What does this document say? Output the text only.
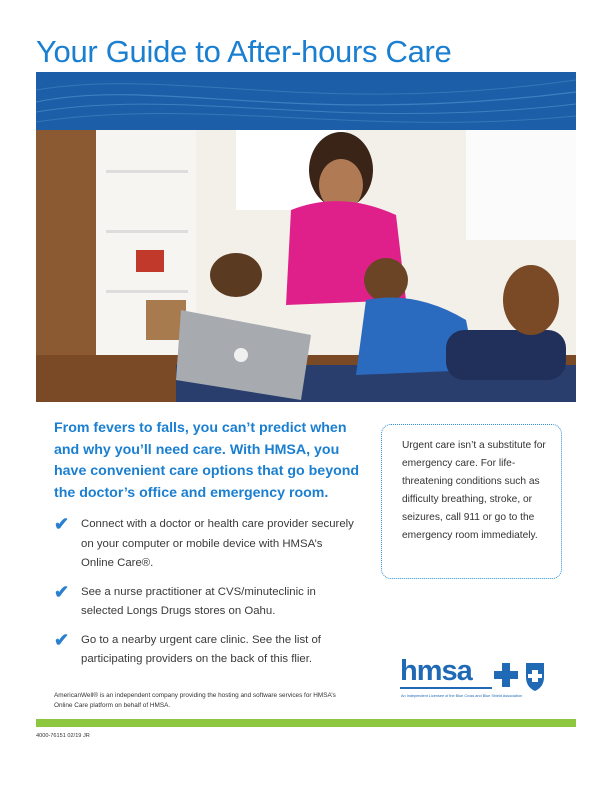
Your Guide to After-hours Care

From fevers to falls, you can’t predict when and why you’ll need care. With HMSA, you have convenient care options that go beyond the doctor’s office and emergency room.

✔ Connect with a doctor or health care provider securely on your computer or mobile device with HMSA’s Online Care®.
✔ See a nurse practitioner at CVS/minuteclinic in selected Longs Drugs stores on Oahu.
✔ Go to a nearby urgent care clinic. See the list of participating providers on the back of this flier.

Urgent care isn’t a substitute for emergency care. For life-threatening conditions such as difficulty breathing, stroke, or seizures, call 911 or go to the emergency room immediately.

AmericanWell® is an independent company providing the hosting and software services for HMSA’s Online Care platform on behalf of HMSA.
hmsa
An Independent Licensee of the Blue Cross and Blue Shield Association
4000-76151 02/19 JR
